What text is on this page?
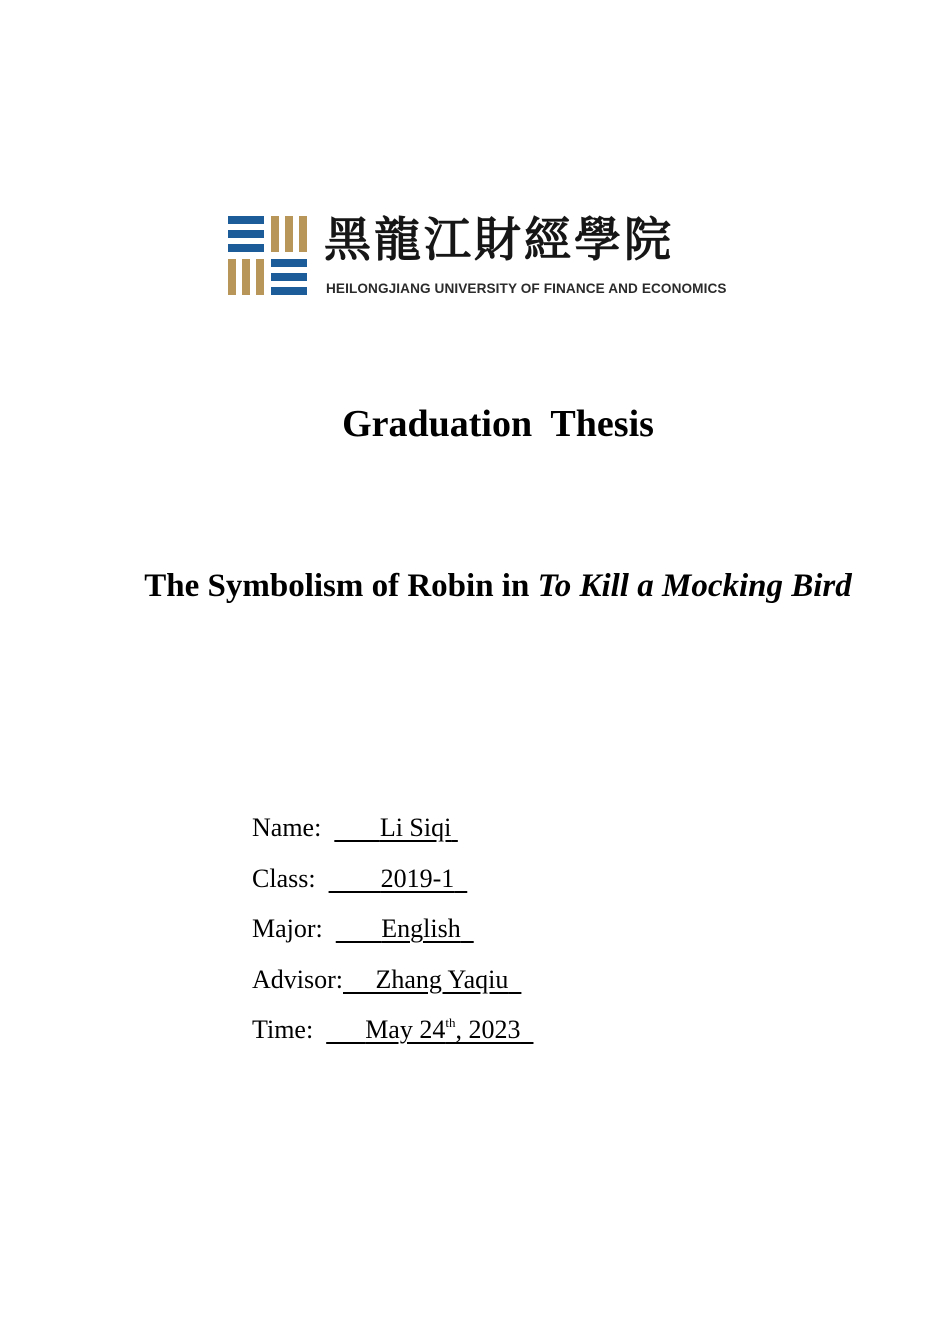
黑龍江財經學院
HEILONGJIANG UNIVERSITY OF FINANCE AND ECONOMICS
Graduation  Thesis
The Symbolism of Robin in To Kill a Mocking Bird
Name: Li Siqi
Class:	2019-1
Major: English
Advisor: Zhang Yaqiu
Time: May 24th, 2023
